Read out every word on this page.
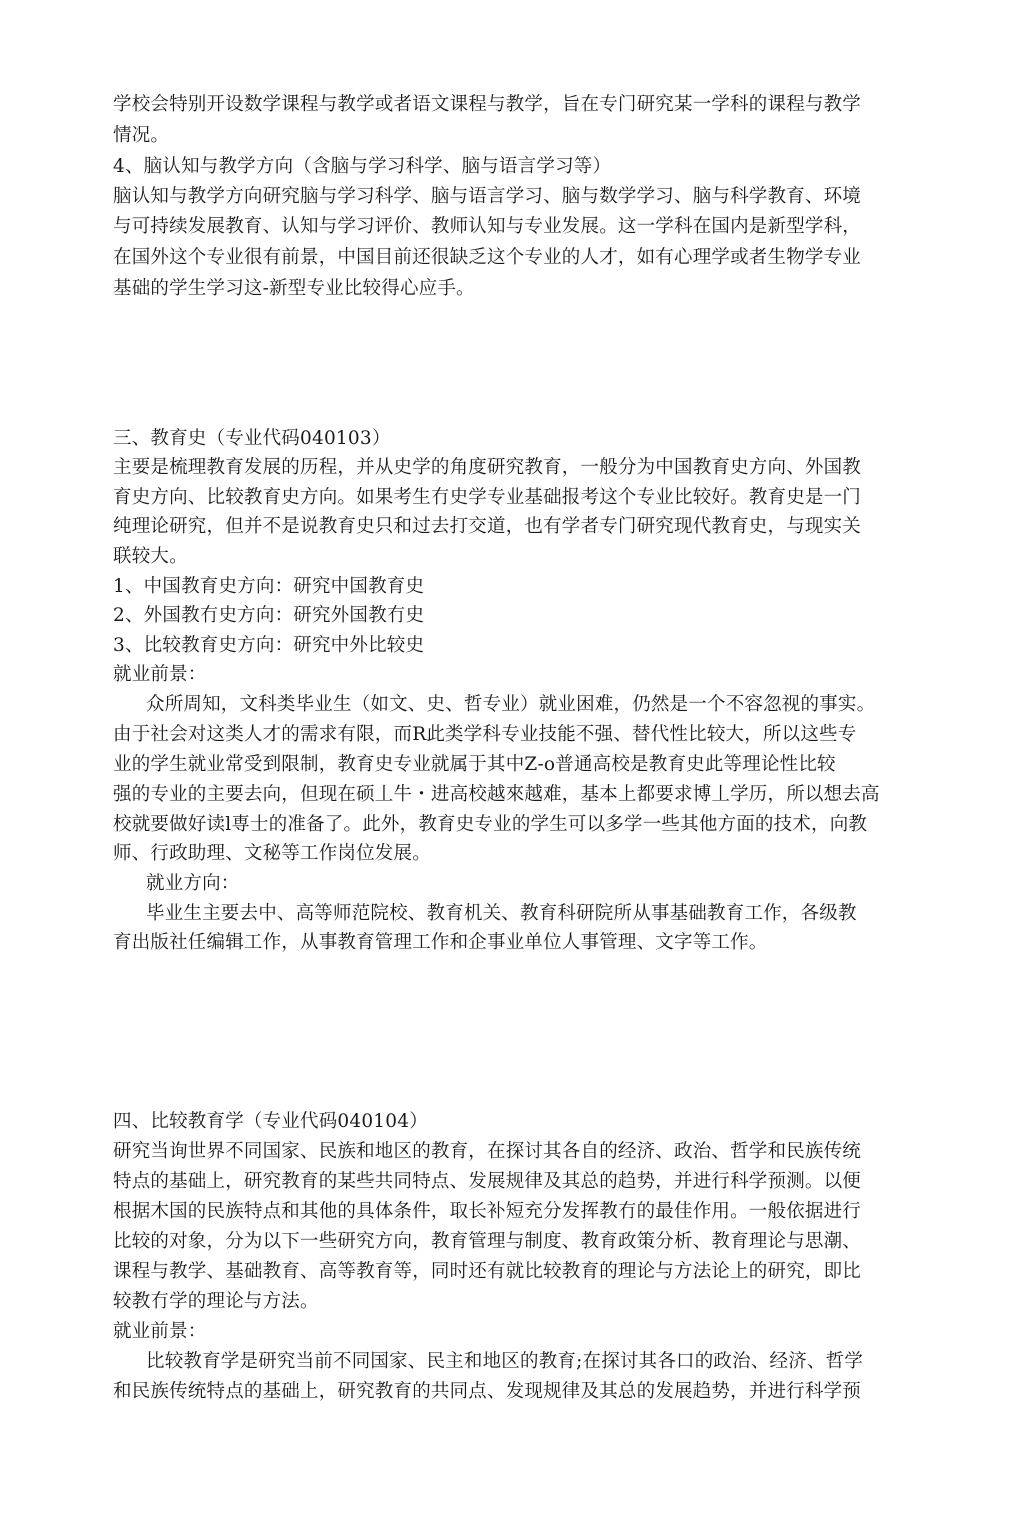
学校会特别开设数学课程与教学或者语文课程与教学，旨在专门研究某一学科的课程与教学
情况。
4、脑认知与教学方向（含脑与学习科学、脑与语言学习等）
脑认知与教学方向研究脑与学习科学、脑与语言学习、脑与数学学习、脑与科学教育、环境
与可持续发展教育、认知与学习评价、教师认知与专业发展。这一学科在国内是新型学科，
在国外这个专业很有前景，中国目前还很缺乏这个专业的人才，如有心理学或者生物学专业
基础的学生学习这-新型专业比较得心应手。
三、教育史（专业代码040103）
主要是梳理教育发展的历程，并从史学的角度研究教育，一般分为中国教育史方向、外国教
育史方向、比较教育史方向。如果考生冇史学专业基础报考这个专业比较好。教育史是一门
纯理论研究，但并不是说教育史只和过去打交道，也有学者专门研究现代教育史，与现实关
联较大。
1、中国教育史方向：研究中国教育史
2、外国教冇史方向：研究外国教冇史
3、比较教育史方向：研究中外比较史
就业前景：
众所周知，文科类毕业生（如文、史、哲专业）就业困难，仍然是一个不容忽视的事实。
由于社会对这类人才的需求有限，而R此类学科专业技能不强、替代性比较大，所以这些专
业的学生就业常受到限制，教育史专业就属于其中Z-o普通高校是教育史此等理论性比较
强的专业的主要去向，但现在硕丄牛・进高校越來越难，基本上都要求博丄学历，所以想去高
校就要做好读l専士的准备了。此外，教育史专业的学生可以多学一些其他方面的技术，向教
师、行政助理、文秘等工作岗位发展。
就业方向：
毕业生主要去中、高等师范院校、教育机关、教育科研院所从事基础教育工作，各级教
育出版社任编辑工作，从事教育管理工作和企事业单位人事管理、文字等工作。
四、比较教育学（专业代码040104）
研究当询世界不同国家、民族和地区的教育，在探讨其各自的经济、政治、哲学和民族传统
特点的基础上，研究教育的某些共同特点、发展规律及其总的趋势，并进行科学预测。以便
根据木国的民族特点和其他的具体条件，取长补短充分发挥教冇的最佳作用。一般依据进行
比较的对象，分为以下一些研究方向，教育管理与制度、教育政策分析、教育理论与思潮、
课程与教学、基础教育、高等教育等，同时还有就比较教育的理论与方法论上的研究，即比
较教冇学的理论与方法。
就业前景：
比较教育学是研究当前不同国家、民主和地区的教育;在探讨其各口的政治、经济、哲学
和民族传统特点的基础上，研究教育的共同点、发现规律及其总的发展趋势，并进行科学预
